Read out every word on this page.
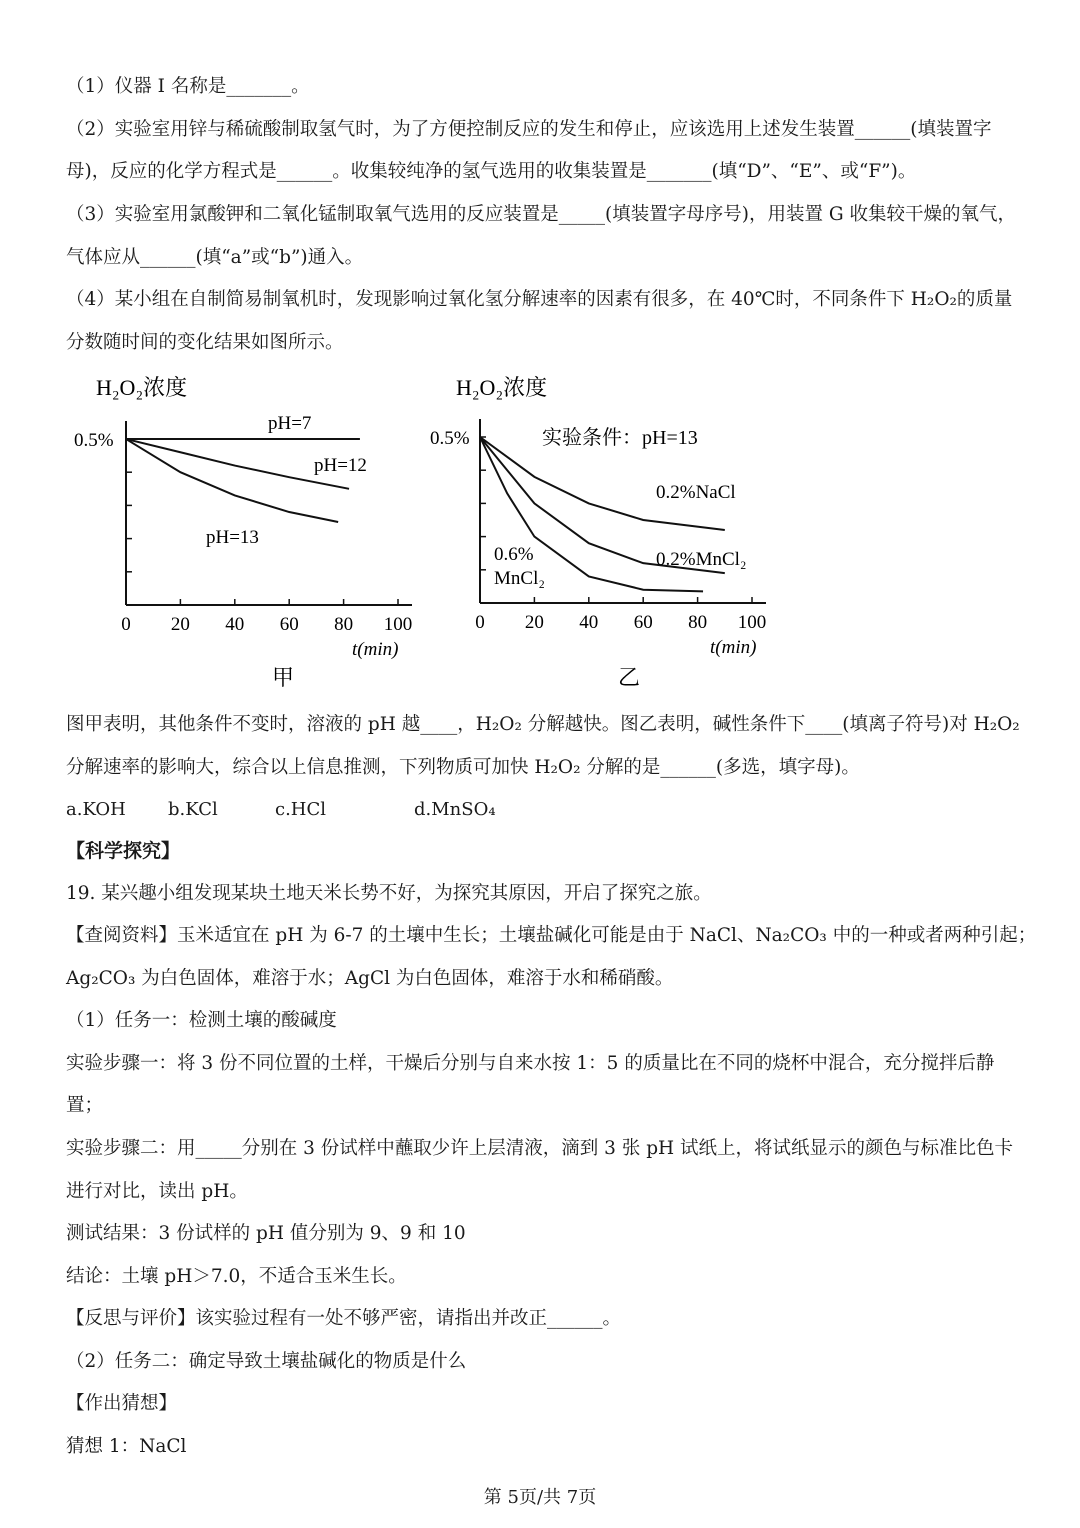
（1）仪器 I 名称是_______。
（2）实验室用锌与稀硫酸制取氢气时，为了方便控制反应的发生和停止，应该选用上述发生装置______(填装置字
母)，反应的化学方程式是______。收集较纯净的氢气选用的收集装置是_______(填“D”、“E”、或“F”)。
（3）实验室用氯酸钾和二氧化锰制取氧气选用的反应装置是_____(填装置字母序号)，用装置 G 收集较干燥的氧气，
气体应从______(填“a”或“b”)通入。
（4）某小组在自制简易制氧机时，发现影响过氧化氢分解速率的因素有很多，在 40℃时，不同条件下 H₂O₂的质量
分数随时间的变化结果如图所示。
H₂O₂浓度
0 20 40 60 80 100
pH=7
pH=12
pH=13
0.5%
t(min)
甲
H₂O₂浓度
实验条件：pH=13
0 20 40 60 80 100
0.2%NaCl
0.2%MnCl₂
0.6%
MnCl₂
0.5%
t(min)
乙
图甲表明，其他条件不变时，溶液的 pH 越____，H₂O₂ 分解越快。图乙表明，碱性条件下____(填离子符号)对 H₂O₂
分解速率的影响大，综合以上信息推测，下列物质可加快 H₂O₂ 分解的是______(多选，填字母)。
a.KOH b.KCl	c.HCl	d.MnSO₄
【科学探究】
19. 某兴趣小组发现某块土地天米长势不好，为探究其原因，开启了探究之旅。
【查阅资料】玉米适宜在 pH 为 6-7 的土壤中生长；土壤盐碱化可能是由于 NaCl、Na₂CO₃ 中的一种或者两种引起；
Ag₂CO₃ 为白色固体，难溶于水；AgCl 为白色固体，难溶于水和稀硝酸。
（1）任务一：检测土壤的酸碱度
实验步骤一：将 3 份不同位置的土样，干燥后分别与自来水按 1：5 的质量比在不同的烧杯中混合，充分搅拌后静
置；
实验步骤二：用_____分别在 3 份试样中蘸取少许上层清液，滴到 3 张 pH 试纸上，将试纸显示的颜色与标准比色卡
进行对比，读出 pH。
测试结果：3 份试样的 pH 值分别为 9、9 和 10
结论：土壤 pH＞7.0，不适合玉米生长。
【反思与评价】该实验过程有一处不够严密，请指出并改正______。
（2）任务二：确定导致土壤盐碱化的物质是什么
【作出猜想】
猜想 1：NaCl
第 5页/共 7页
